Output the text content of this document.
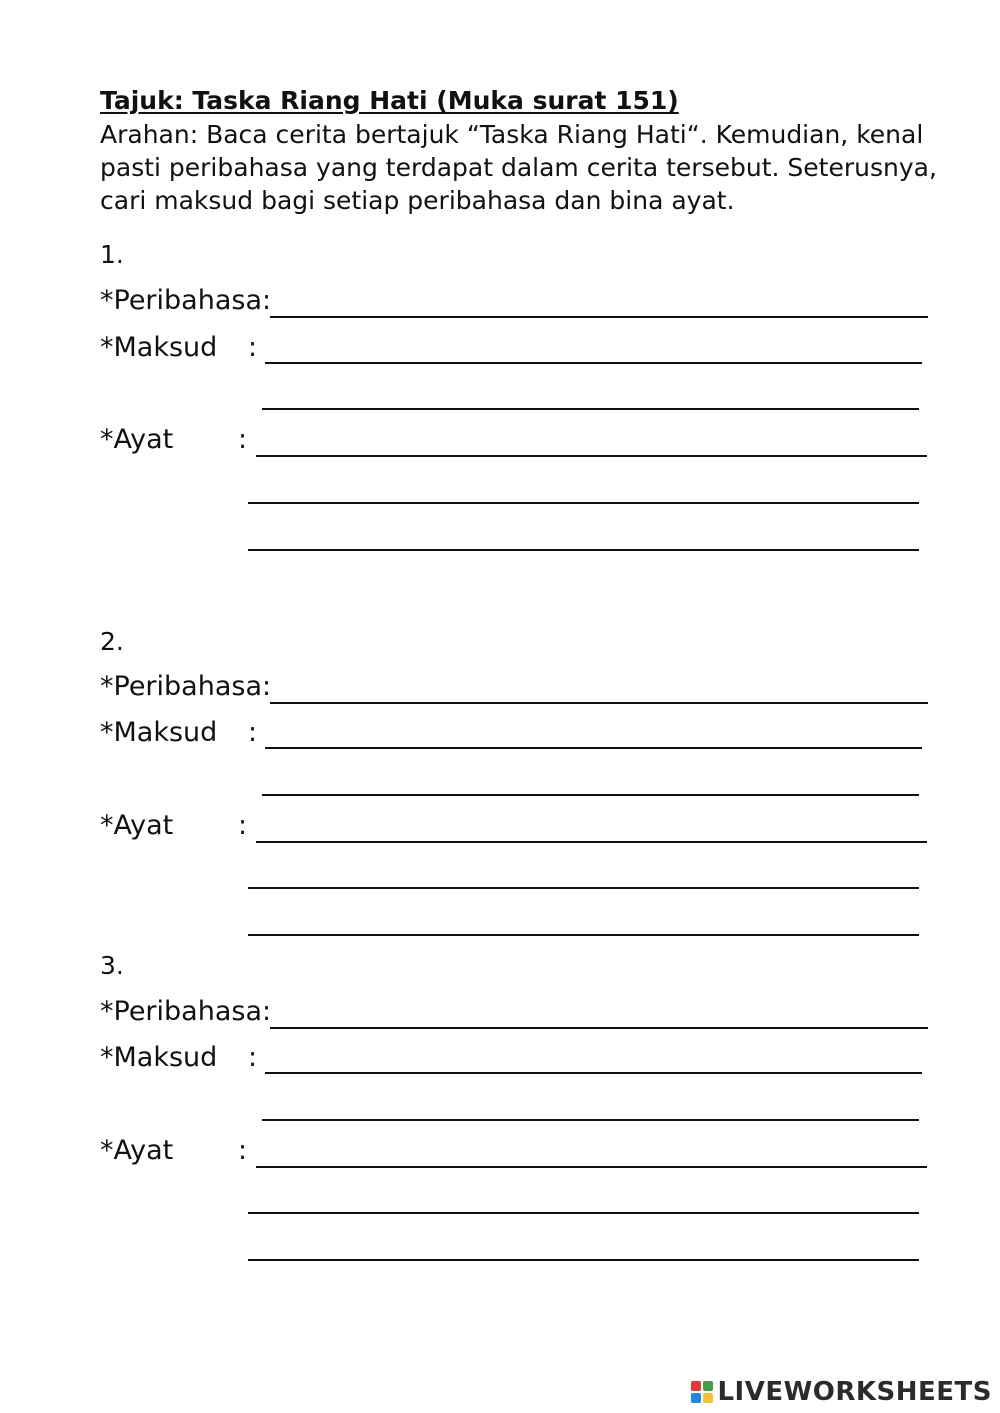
Tajuk: Taska Riang Hati (Muka surat 151)
Arahan: Baca cerita bertajuk “Taska Riang Hati“. Kemudian, kenal
pasti peribahasa yang terdapat dalam cerita tersebut. Seterusnya,
cari maksud bagi setiap peribahasa dan bina ayat.
1.
*Peribahasa:
*Maksud :
*Ayat :
2.
*Peribahasa:
*Maksud :
*Ayat :
3.
*Peribahasa:
*Maksud :
*Ayat :
LIVEWORKSHEETS
